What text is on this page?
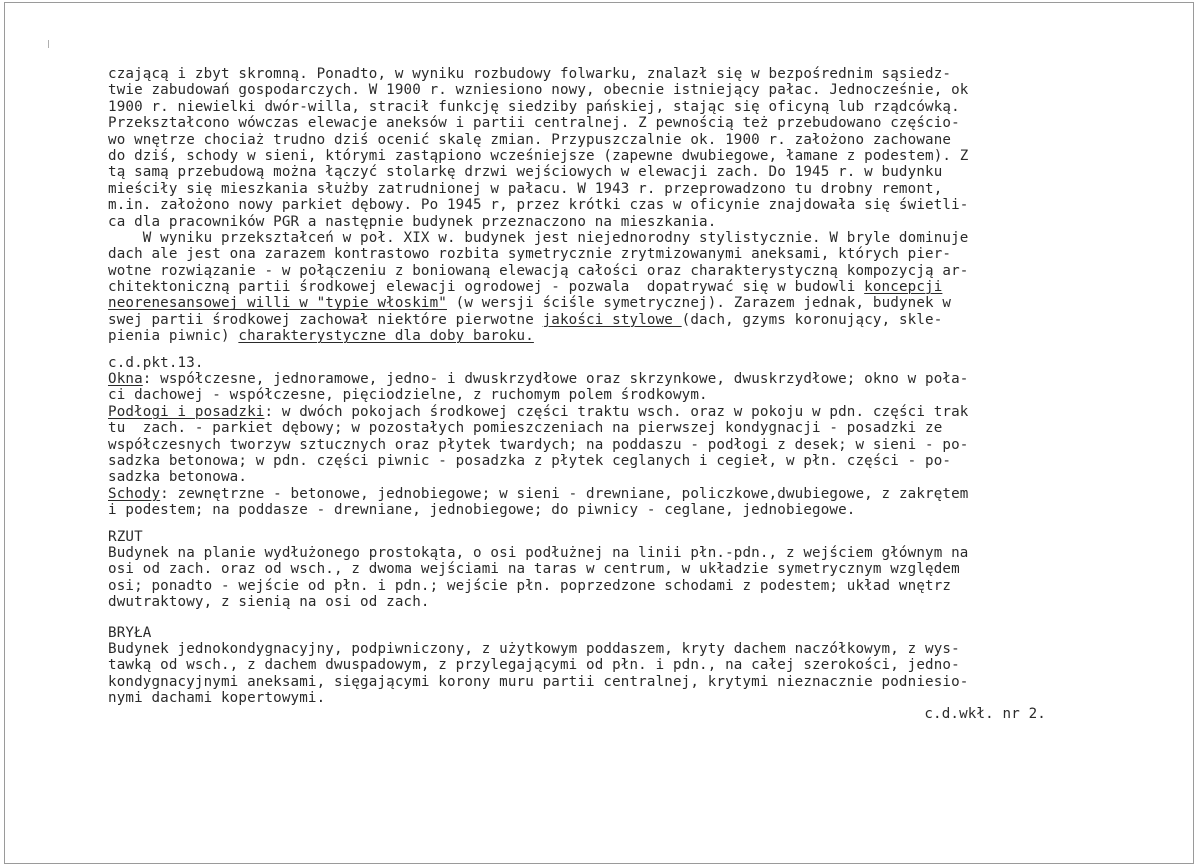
czającą i zbyt skromną. Ponadto, w wyniku rozbudowy folwarku, znalazł się w bezpośrednim sąsiedz-
twie zabudowań gospodarczych. W 1900 r. wzniesiono nowy, obecnie istniejący pałac. Jednocześnie, ok
1900 r. niewielki dwór-willa, stracił funkcję siedziby pańskiej, stając się oficyną lub rządcówką.
Przekształcono wówczas elewacje aneksów i partii centralnej. Z pewnością też przebudowano częścio-
wo wnętrze chociaż trudno dziś ocenić skalę zmian. Przypuszczalnie ok. 1900 r. założono zachowane
do dziś, schody w sieni, którymi zastąpiono wcześniejsze (zapewne dwubiegowe, łamane z podestem). Z
tą samą przebudową można łączyć stolarkę drzwi wejściowych w elewacji zach. Do 1945 r. w budynku
mieściły się mieszkania służby zatrudnionej w pałacu. W 1943 r. przeprowadzono tu drobny remont,
m.in. założono nowy parkiet dębowy. Po 1945 r, przez krótki czas w oficynie znajdowała się świetli-
ca dla pracowników PGR a następnie budynek przeznaczono na mieszkania.
W wyniku przekształceń w poł. XIX w. budynek jest niejednorodny stylistycznie. W bryle dominuje
dach ale jest ona zarazem kontrastowo rozbita symetrycznie zrytmizowanymi aneksami, których pier-
wotne rozwiązanie - w połączeniu z boniowaną elewacją całości oraz charakterystyczną kompozycją ar-
chitektoniczną partii środkowej elewacji ogrodowej - pozwala  dopatrywać się w budowli koncepcji
neorenesansowej willi w "typie włoskim" (w wersji ściśle symetrycznej). Zarazem jednak, budynek w
swej partii środkowej zachował niektóre pierwotne jakości stylowe (dach, gzyms koronujący, sklе-
pienia piwnic) charakterystyczne dla doby baroku.
c.d.pkt.13.
Okna: współczesne, jednoramowe, jedno- i dwuskrzydłowe oraz skrzynkowe, dwuskrzydłowe; okno w poła-
ci dachowej - współczesne, pięciodzielne, z ruchomym polem środkowym.
Podłogi i posadzki: w dwóch pokojach środkowej części traktu wsch. oraz w pokoju w pdn. części trak
tu  zach. - parkiet dębowy; w pozostałych pomieszczeniach na pierwszej kondygnacji - posadzki ze
współczesnych tworzyw sztucznych oraz płytek twardych; na poddaszu - podłogi z desek; w sieni - po-
sadzka betonowa; w pdn. części piwnic - posadzka z płytek ceglanych i cegieł, w płn. części - po-
sadzka betonowa.
Schody: zewnętrzne - betonowe, jednobiegowe; w sieni - drewniane, policzkowe,dwubiegowe, z zakrętem
i podestem; na poddasze - drewniane, jednobiegowe; do piwnicy - ceglane, jednobiegowe.
RZUT
Budynek na planie wydłużonego prostokąta, o osi podłużnej na linii płn.-pdn., z wejściem głównym na
osi od zach. oraz od wsch., z dwoma wejściami na taras w centrum, w układzie symetrycznym względem
osi; ponadto - wejście od płn. i pdn.; wejście płn. poprzedzone schodami z podestem; układ wnętrz
dwutraktowy, z sienią na osi od zach.
BRYŁA
Budynek jednokondygnacyjny, podpiwniczony, z użytkowym poddaszem, kryty dachem naczółkowym, z wys-
tawką od wsch., z dachem dwuspadowym, z przylegającymi od płn. i pdn., na całej szerokości, jedno-
kondygnacyjnymi aneksami, sięgającymi korony muru partii centralnej, krytymi nieznacznie podniesio-
nymi dachami kopertowymi.
c.d.wkł. nr 2.
